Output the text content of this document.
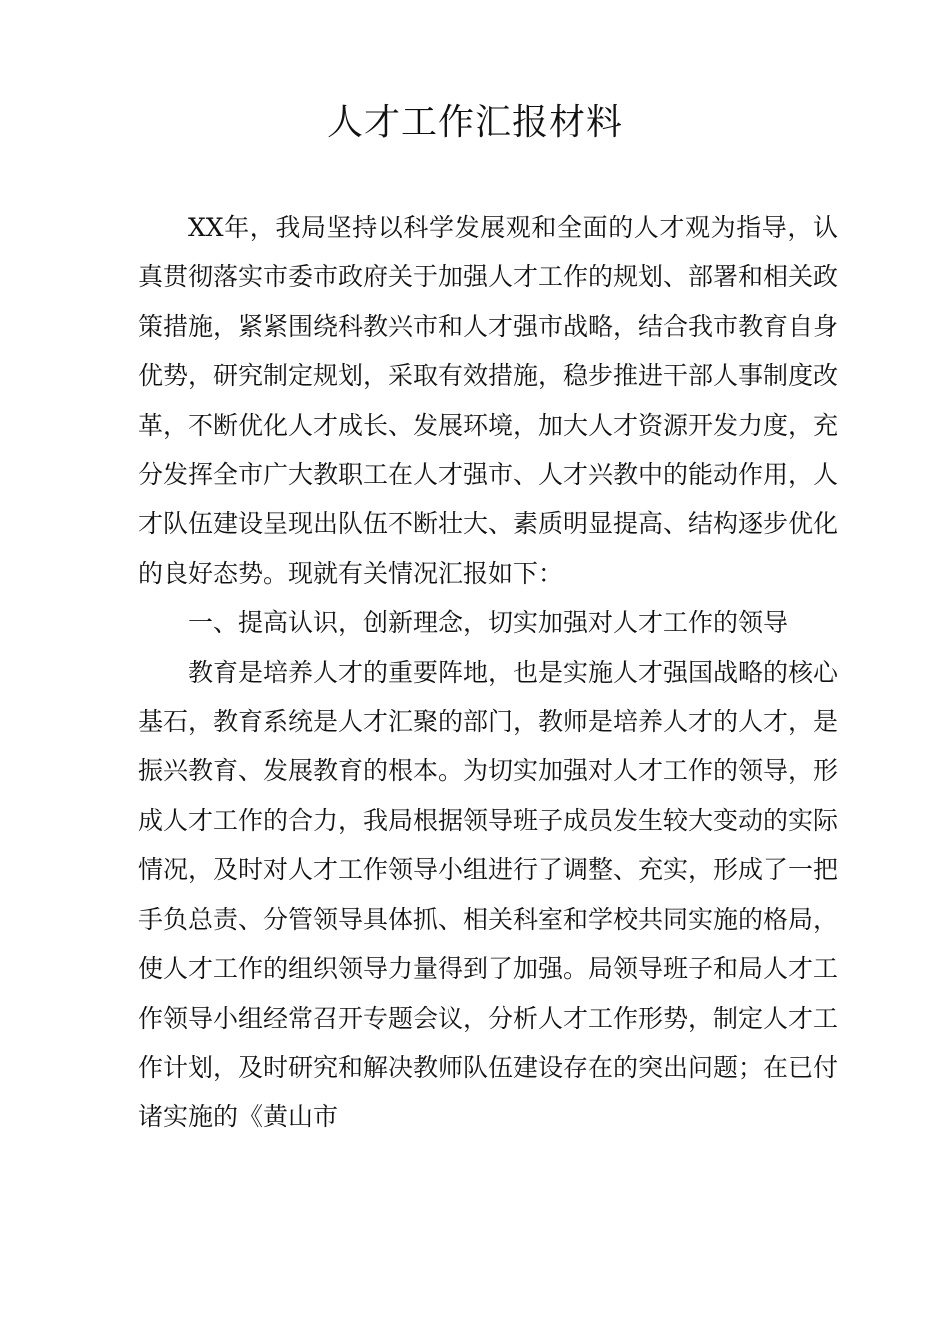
人才工作汇报材料

XX年，我局坚持以科学发展观和全面的人才观为指导，认真贯彻落实市委市政府关于加强人才工作的规划、部署和相关政策措施，紧紧围绕科教兴市和人才强市战略，结合我市教育自身优势，研究制定规划，采取有效措施，稳步推进干部人事制度改革，不断优化人才成长、发展环境，加大人才资源开发力度，充分发挥全市广大教职工在人才强市、人才兴教中的能动作用，人才队伍建设呈现出队伍不断壮大、素质明显提高、结构逐步优化的良好态势。现就有关情况汇报如下：

一、提高认识，创新理念，切实加强对人才工作的领导

教育是培养人才的重要阵地，也是实施人才强国战略的核心基石，教育系统是人才汇聚的部门，教师是培养人才的人才，是振兴教育、发展教育的根本。为切实加强对人才工作的领导，形成人才工作的合力，我局根据领导班子成员发生较大变动的实际情况，及时对人才工作领导小组进行了调整、充实，形成了一把手负总责、分管领导具体抓、相关科室和学校共同实施的格局，使人才工作的组织领导力量得到了加强。局领导班子和局人才工作领导小组经常召开专题会议，分析人才工作形势，制定人才工作计划，及时研究和解决教师队伍建设存在的突出问题；在已付诸实施的《黄山市
